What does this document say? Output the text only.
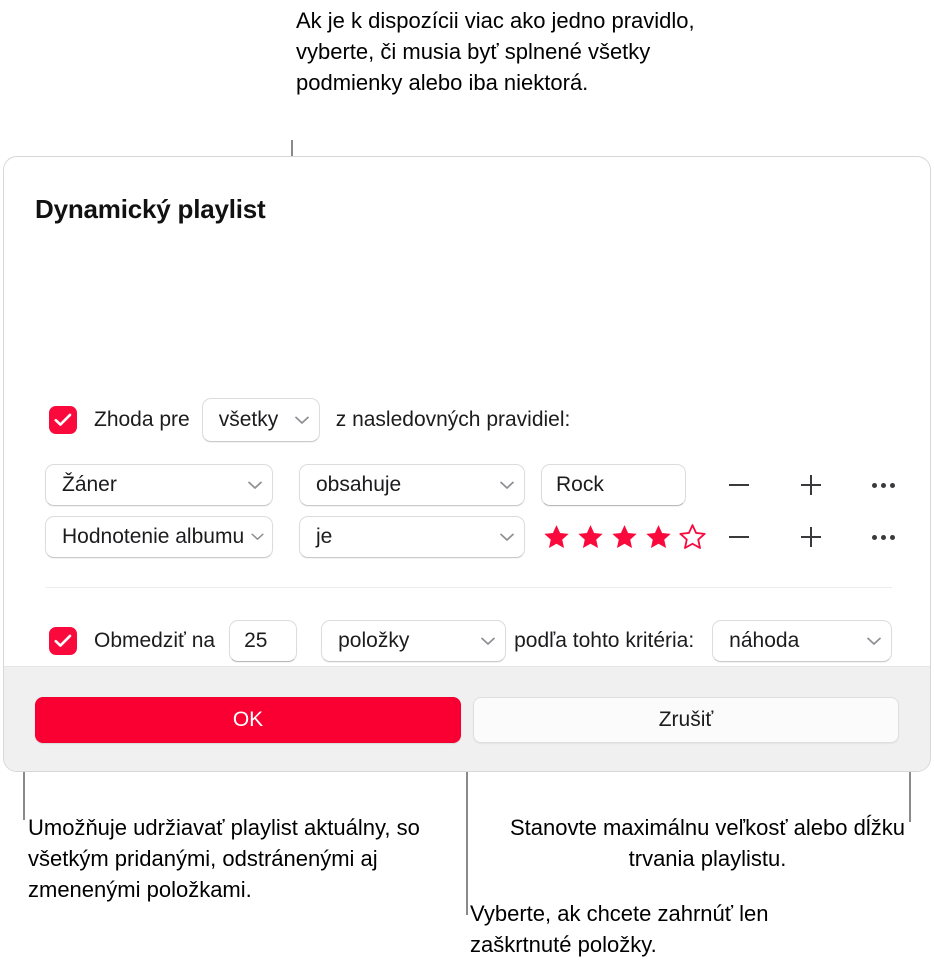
Ak je k dispozícii viac ako jedno pravidlo, vyberte, či musia byť splnené všetky podmienky alebo iba niektorá.
Umožňuje udržiavať playlist aktuálny, so všetkým pridanými, odstránenými aj zmenenými položkami.
Stanovte maximálnu veľkosť alebo dĺžku trvania playlistu.
Vyberte, ak chcete zahrnúť len zaškrtnuté položky.
Dynamický playlist
Zhoda pre všetky	z nasledovných pravidiel:
Žáner	obsahuje	Rock
Hodnotenie albumu	je
Obmedziť na 25	položky	podľa tohto kritéria: náhoda
OK	Zrušiť
